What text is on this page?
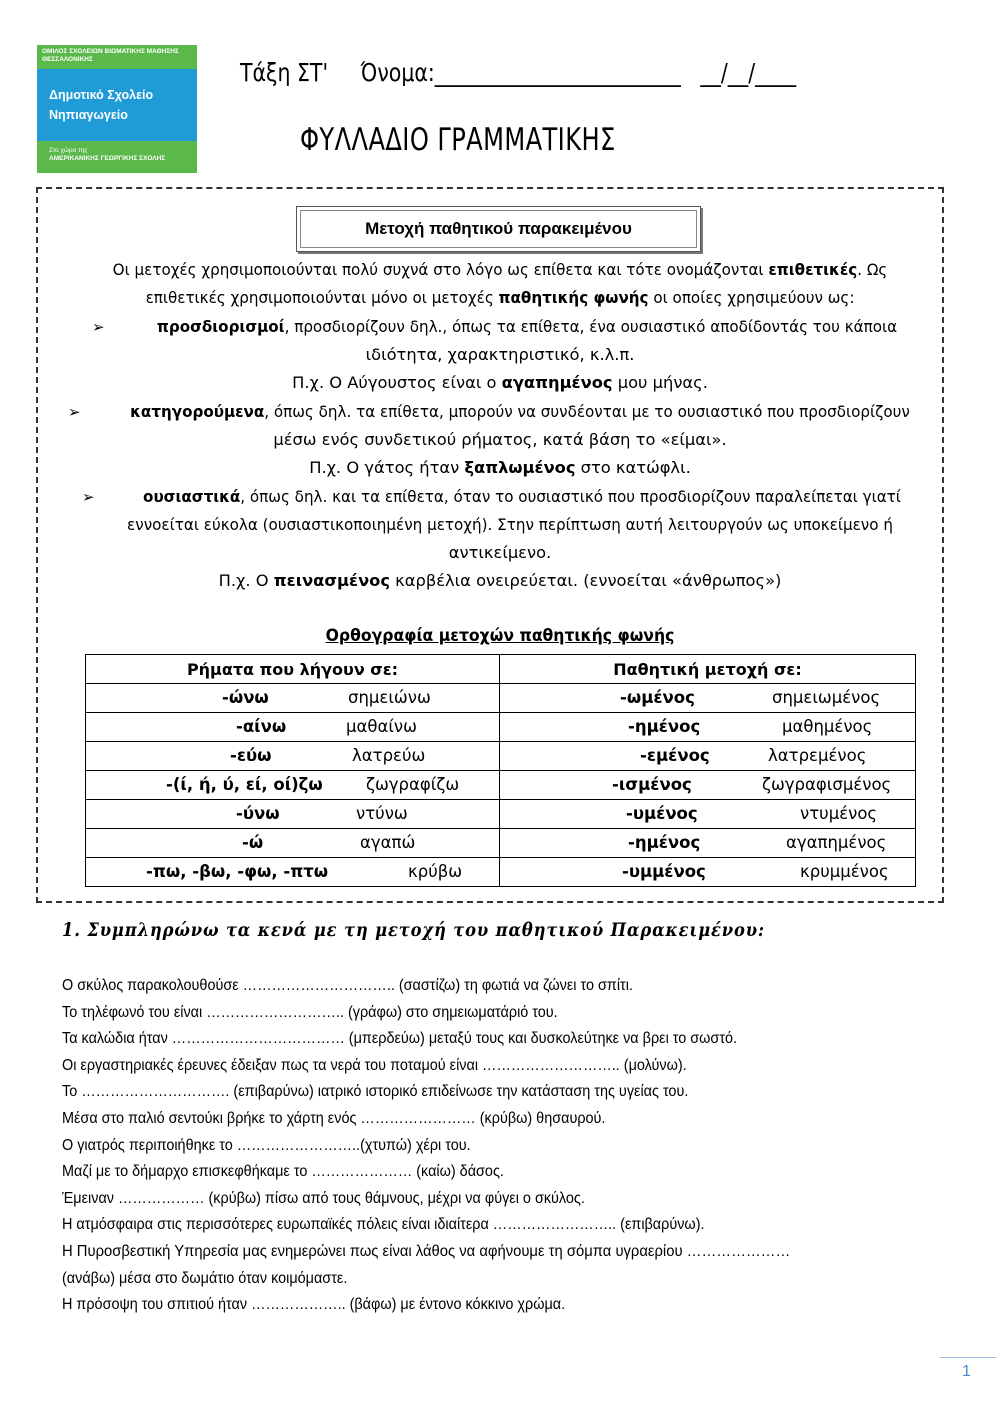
ΟΜΙΛΟΣ ΣΧΟΛΕΙΩΝ ΒΙΩΜΑΤΙΚΗΣ ΜΑΘΗΣΗΣ ΘΕΣΣΑΛΟΝΙΚΗΣ
Δημοτικό Σχολείο
Νηπιαγωγείο
Στο χώρο της
ΑΜΕΡΙΚΑΝΙΚΗΣ ΓΕΩΡΓΙΚΗΣ ΣΧΟΛΗΣ
Τάξη ΣΤ' Όνομα:________________________ __/__/____
ΦΥΛΛΑΔΙΟ ΓΡΑΜΜΑΤΙΚΗΣ
Μετοχή παθητικού παρακειμένου
Οι μετοχές χρησιμοποιούνται πολύ συχνά στο λόγο ως επίθετα και τότε ονομάζονται επιθετικές. Ως
επιθετικές χρησιμοποιούνται μόνο οι μετοχές παθητικής φωνής οι οποίες χρησιμεύουν ως:
➢	προσδιορισμοί, προσδιορίζουν δηλ., όπως τα επίθετα, ένα ουσιαστικό αποδίδοντάς του κάποια
ιδιότητα, χαρακτηριστικό, κ.λ.π.
Π.χ. Ο Αύγουστος είναι ο αγαπημένος μου μήνας.
➢	κατηγορούμενα, όπως δηλ. τα επίθετα, μπορούν να συνδέονται με το ουσιαστικό που προσδιορίζουν
μέσω ενός συνδετικού ρήματος, κατά βάση το «είμαι».
Π.χ. Ο γάτος ήταν ξαπλωμένος στο κατώφλι.
➢	ουσιαστικά, όπως δηλ. και τα επίθετα, όταν το ουσιαστικό που προσδιορίζουν παραλείπεται γιατί
εννοείται εύκολα (ουσιαστικοποιημένη μετοχή). Στην περίπτωση αυτή λειτουργούν ως υποκείμενο ή
αντικείμενο.
Π.χ. Ο πεινασμένος καρβέλια ονειρεύεται. (εννοείται «άνθρωπος»)
Ορθογραφία μετοχών παθητικής φωνής
Ρήματα που λήγουν σε:	Παθητική μετοχή σε:

-ώνω σημειώνω	-ωμένος σημειωμένος

-αίνω μαθαίνω	-ημένος μαθημένος

-εύω λατρεύω	-εμένος λατρεμένος

-(ί, ή, ύ, εί, οί)ζω ζωγραφίζω	-ισμένος ζωγραφισμένος

-ύνω ντύνω	-υμένος ντυμένος

-ώ αγαπώ	-ημένος αγαπημένος

-πω, -βω, -φω, -πτω κρύβω	-υμμένος κρυμμένος
1. Συμπληρώνω τα κενά με τη μετοχή του παθητικού Παρακειμένου:
Ο σκύλος παρακολουθούσε ………………………….. (σαστίζω) τη φωτιά να ζώνει το σπίτι.
Το τηλέφωνό του είναι ……………………….. (γράφω) στο σημειωματάριό του.
Τα καλώδια ήταν ……………………………… (μπερδεύω) μεταξύ τους και δυσκολεύτηκε να βρει το σωστό.
Οι εργαστηριακές έρευνες έδειξαν πως τα νερά του ποταμού είναι ……………………….. (μολύνω).
Το …………………………. (επιβαρύνω) ιατρικό ιστορικό επιδείνωσε την κατάσταση της υγείας του.
Μέσα στο παλιό σεντούκι βρήκε το χάρτη ενός …………………… (κρύβω) θησαυρού.
Ο γιατρός περιποιήθηκε το ……………………..(χτυπώ) χέρι του.
Μαζί με το δήμαρχο επισκεφθήκαμε το ………………… (καίω) δάσος.
Έμειναν ……………… (κρύβω) πίσω από τους θάμνους, μέχρι να φύγει ο σκύλος.
Η ατμόσφαιρα στις περισσότερες ευρωπαϊκές πόλεις είναι ιδιαίτερα …………………….. (επιβαρύνω).
Η Πυροσβεστική Υπηρεσία μας ενημερώνει πως είναι λάθος να αφήνουμε τη σόμπα υγραερίου …………………
(ανάβω) μέσα στο δωμάτιο όταν κοιμόμαστε.
Η πρόσοψη του σπιτιού ήταν ……………….. (βάφω) με έντονο κόκκινο χρώμα.
1
